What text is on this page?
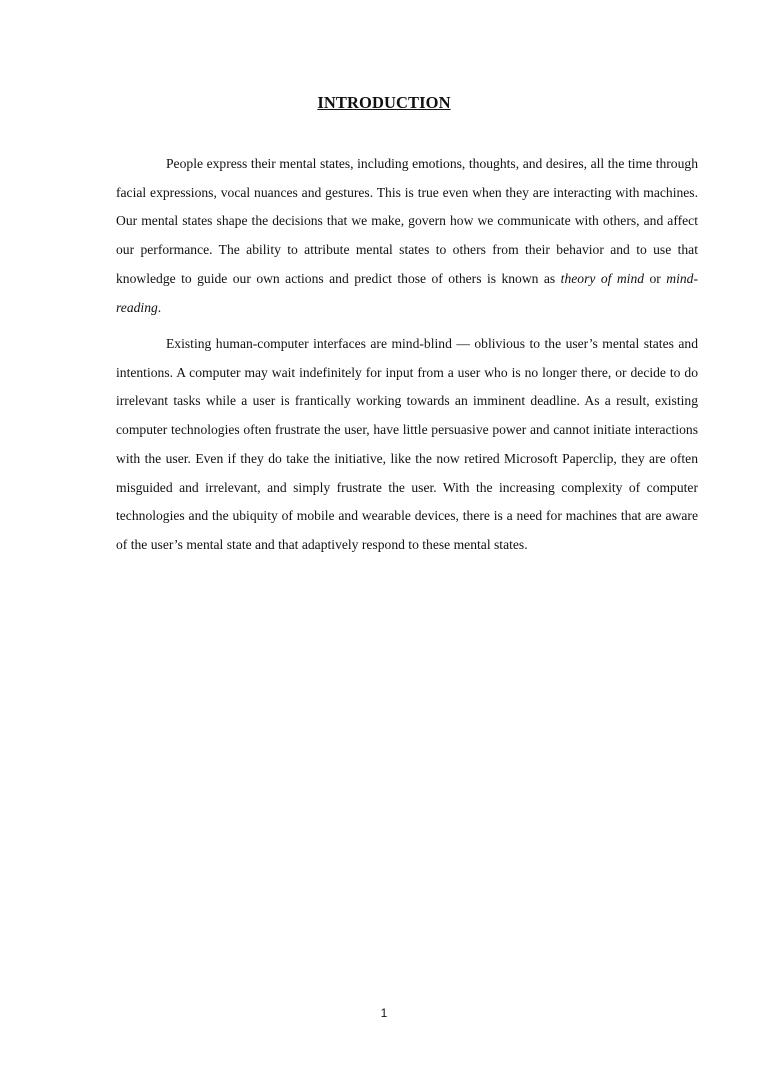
INTRODUCTION

People express their mental states, including emotions, thoughts, and desires, all the time through facial expressions, vocal nuances and gestures. This is true even when they are interacting with machines. Our mental states shape the decisions that we make, govern how we communicate with others, and affect our performance. The ability to attribute mental states to others from their behavior and to use that knowledge to guide our own actions and predict those of others is known as theory of mind or mind-reading.

Existing human-computer interfaces are mind-blind — oblivious to the user’s mental states and intentions. A computer may wait indefinitely for input from a user who is no longer there, or decide to do irrelevant tasks while a user is frantically working towards an imminent deadline. As a result, existing computer technologies often frustrate the user, have little persuasive power and cannot initiate interactions with the user. Even if they do take the initiative, like the now retired Microsoft Paperclip, they are often misguided and irrelevant, and simply frustrate the user. With the increasing complexity of computer technologies and the ubiquity of mobile and wearable devices, there is a need for machines that are aware of the user’s mental state and that adaptively respond to these mental states.

1
